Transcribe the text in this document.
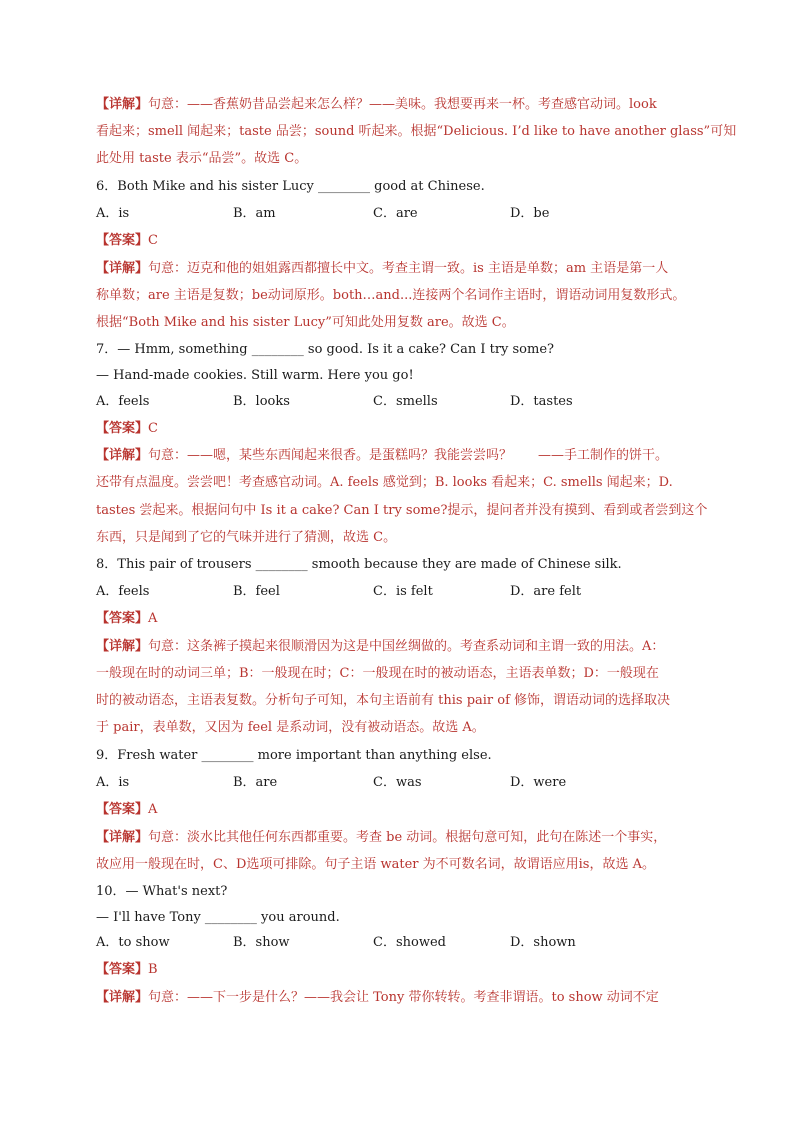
【详解】句意：——香蕉奶昔品尝起来怎么样？——美味。我想要再来一杯。考查感官动词。look
看起来；smell 闻起来；taste 品尝；sound 听起来。根据“Delicious. I’d like to have another glass”可知
此处用 taste 表示“品尝”。故选 C。
6．Both Mike and his sister Lucy ________ good at Chinese.
A．is	B．am	C．are	D．be
【答案】C
【详解】句意：迈克和他的姐姐露西都擅长中文。考查主谓一致。is 主语是单数；am 主语是第一人
称单数；are 主语是复数；be动词原形。both…and...连接两个名词作主语时，谓语动词用复数形式。
根据“Both Mike and his sister Lucy”可知此处用复数 are。故选 C。
7．— Hmm, something ________ so good. Is it a cake? Can I try some?
— Hand-made cookies. Still warm. Here you go!
A．feels	B．looks	C．smells	D．tastes
【答案】C
【详解】句意：——嗯，某些东西闻起来很香。是蛋糕吗？我能尝尝吗？　　——手工制作的饼干。
还带有点温度。尝尝吧！考查感官动词。A. feels 感觉到；B. looks 看起来；C. smells 闻起来；D.
tastes 尝起来。根据问句中 Is it a cake? Can I try some?提示，提问者并没有摸到、看到或者尝到这个
东西，只是闻到了它的气味并进行了猜测，故选 C。
8．This pair of trousers ________ smooth because they are made of Chinese silk.
A．feels	B．feel	C．is felt	D．are felt
【答案】A
【详解】句意：这条裤子摸起来很顺滑因为这是中国丝绸做的。考查系动词和主谓一致的用法。A：
一般现在时的动词三单；B：一般现在时；C：一般现在时的被动语态，主语表单数；D：一般现在
时的被动语态，主语表复数。分析句子可知，本句主语前有 this pair of 修饰，谓语动词的选择取决
于 pair，表单数，又因为 feel 是系动词，没有被动语态。故选 A。
9．Fresh water ________ more important than anything else.
A．is	B．are	C．was	D．were
【答案】A
【详解】句意：淡水比其他任何东西都重要。考查 be 动词。根据句意可知，此句在陈述一个事实，
故应用一般现在时，C、D选项可排除。句子主语 water 为不可数名词，故谓语应用is，故选 A。
10．— What's next?
— I'll have Tony ________ you around.
A．to show	B．show	C．showed	D．shown
【答案】B
【详解】句意：——下一步是什么？——我会让 Tony 带你转转。考查非谓语。to show 动词不定
